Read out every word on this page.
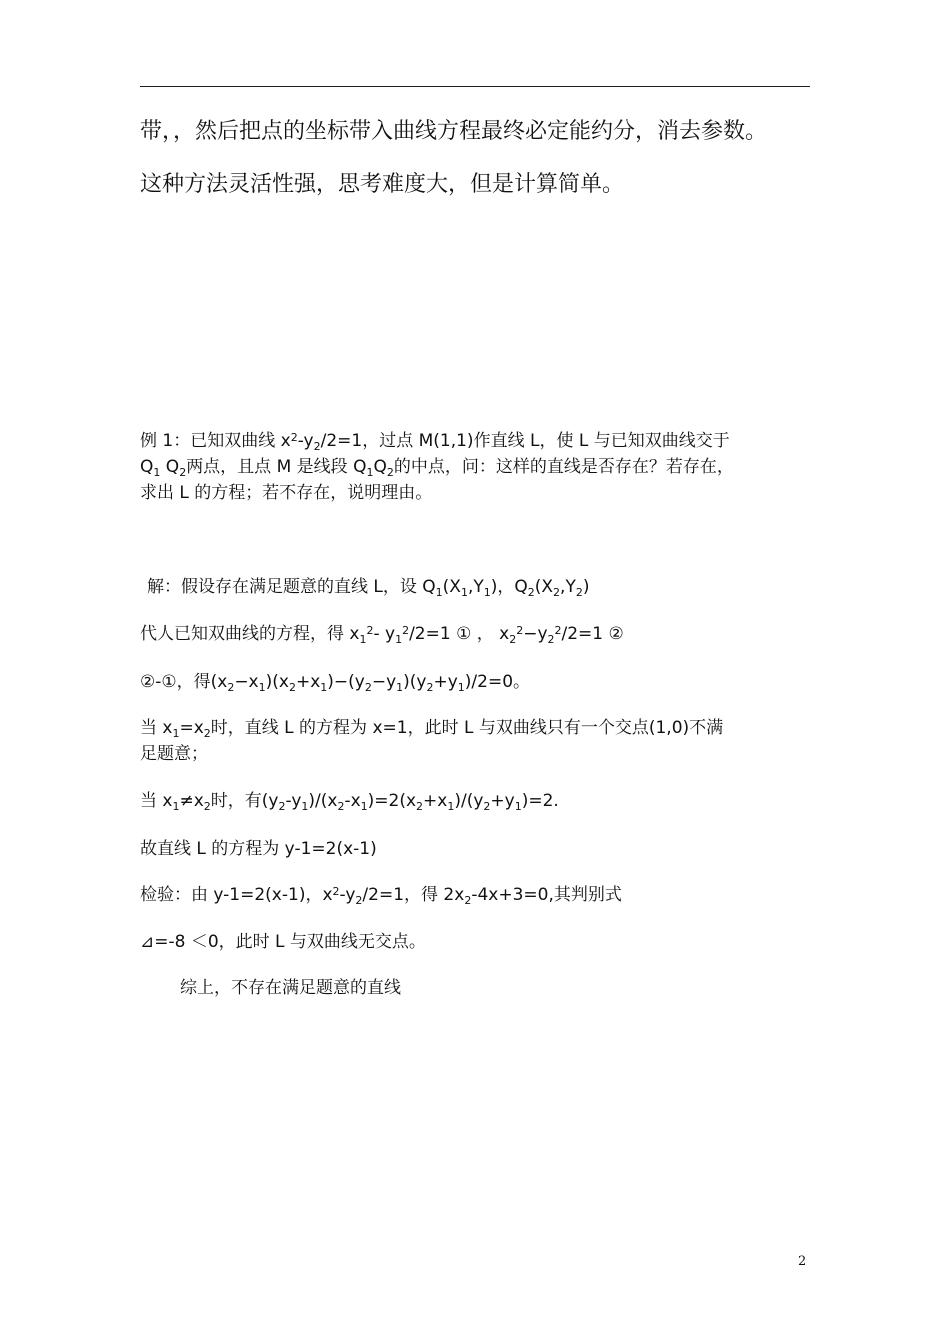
带，，然后把点的坐标带入曲线方程最终必定能约分，消去参数。
这种方法灵活性强，思考难度大，但是计算简单。
例 1：已知双曲线 $x^2-y_2/2=1$，过点 M(1,1)作直线 L，使 L 与已知双曲线交于
$Q_1$ $Q_2$两点，且点 M 是线段 $Q_1Q_2$的中点，问：这样的直线是否存在？若存在，
求出 L 的方程；若不存在，说明理由。
解：假设存在满足题意的直线 L，设 $Q_1(X_1,Y_1)$，$Q_2(X_2,Y_2)$
代人已知双曲线的方程，得 $x_1^2-$ $y_1^2/2=1$ ① ， $x_2^2-y_2^2/2=1$ ②
②-①，得$(x_2-x_1)(x_2+x_1)-(y_2-y_1)(y_2+y_1)/2=0$。
当 $x_1=x_2$时，直线 L 的方程为 x=1，此时 L 与双曲线只有一个交点(1,0)不满
足题意；
当 $x_1\ne x_2$时，有$(y_2-y_1)/(x_2-x_1)=2(x_2+x_1)/(y_2+y_1)=2$.
故直线 L 的方程为 y-1=2(x-1)
检验：由 y-1=2(x-1)，$x^2-y_2/2=1$，得 $2x_2-4x+3=0$,其判别式
⊿=-8 ＜0，此时 L 与双曲线无交点。
综上，不存在满足题意的直线
2
